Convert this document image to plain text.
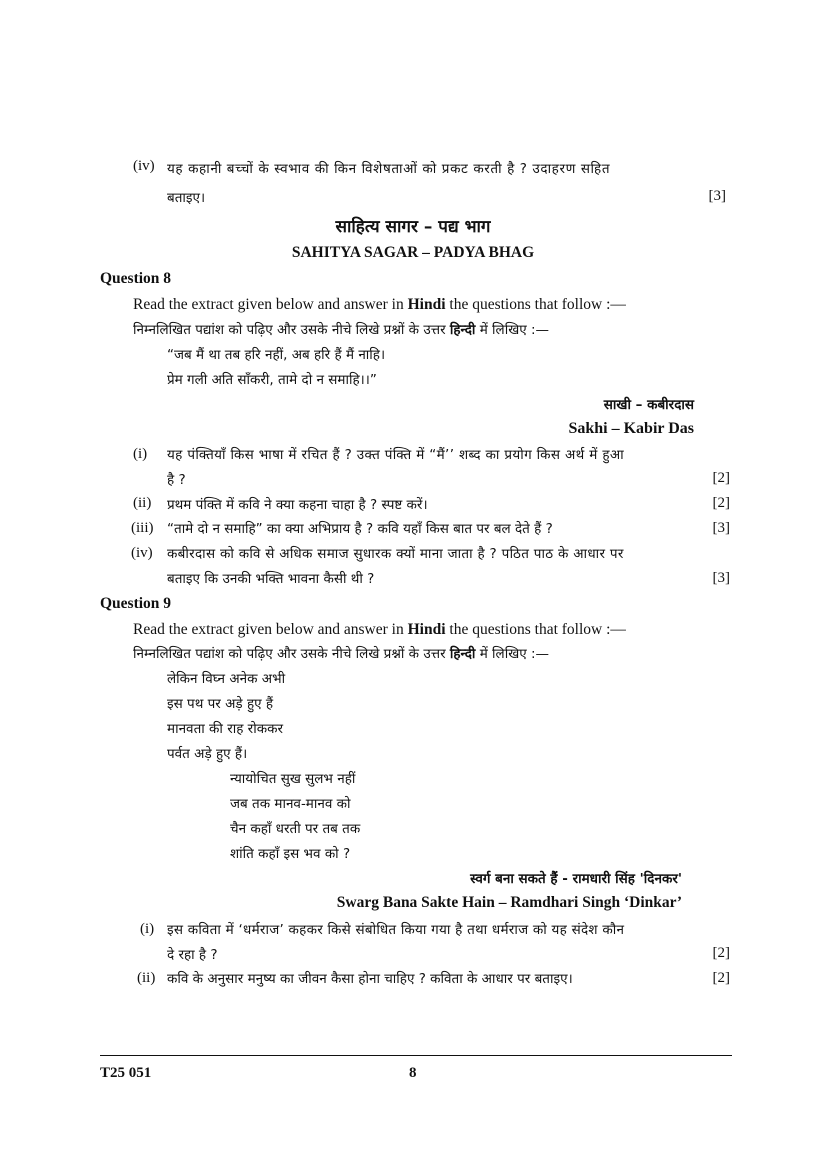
(iv) यह कहानी बच्चों के स्वभाव की किन विशेषताओं को प्रकट करती है ? उदाहरण सहित
बताइए।	[3]
साहित्य सागर – पद्य भाग
SAHITYA SAGAR – PADYA BHAG
Question 8
Read the extract given below and answer in Hindi the questions that follow :—
निम्नलिखित पद्यांश को पढ़िए और उसके नीचे लिखे प्रश्नों के उत्तर हिन्दी में लिखिए :—
“जब मैं था तब हरि नहीं, अब हरि हैं मैं नाहि।
प्रेम गली अति साँकरी, तामे दो न समाहि।।”
साखी – कबीरदास
Sakhi – Kabir Das
(i) यह पंक्तियाँ किस भाषा में रचित हैं ? उक्त पंक्ति में “मैं’’ शब्द का प्रयोग किस अर्थ में हुआ
है ?	[2]
(ii) प्रथम पंक्ति में कवि ने क्या कहना चाहा है ? स्पष्ट करें।	[2]
(iii) “तामे दो न समाहि” का क्या अभिप्राय है ? कवि यहाँ किस बात पर बल देते हैं ?	[3]
(iv) कबीरदास को कवि से अधिक समाज सुधारक क्यों माना जाता है ? पठित पाठ के आधार पर
बताइए कि उनकी भक्ति भावना कैसी थी ?	[3]
Question 9
Read the extract given below and answer in Hindi the questions that follow :—
निम्नलिखित पद्यांश को पढ़िए और उसके नीचे लिखे प्रश्नों के उत्तर हिन्दी में लिखिए :—
लेकिन विघ्न अनेक अभी
इस पथ पर अड़े हुए हैं
मानवता की राह रोककर
पर्वत अड़े हुए हैं।
न्यायोचित सुख सुलभ नहीं
जब तक मानव-मानव को
चैन कहाँ धरती पर तब तक
शांति कहाँ इस भव को ?
स्वर्ग बना सकते हैं - रामधारी सिंह 'दिनकर'
Swarg Bana Sakte Hain – Ramdhari Singh ‘Dinkar’
(i) इस कविता में ‘धर्मराज’ कहकर किसे संबोधित किया गया है तथा धर्मराज को यह संदेश कौन
दे रहा है ?	[2]
(ii) कवि के अनुसार मनुष्य का जीवन कैसा होना चाहिए ? कविता के आधार पर बताइए।	[2]
T25 051	8
